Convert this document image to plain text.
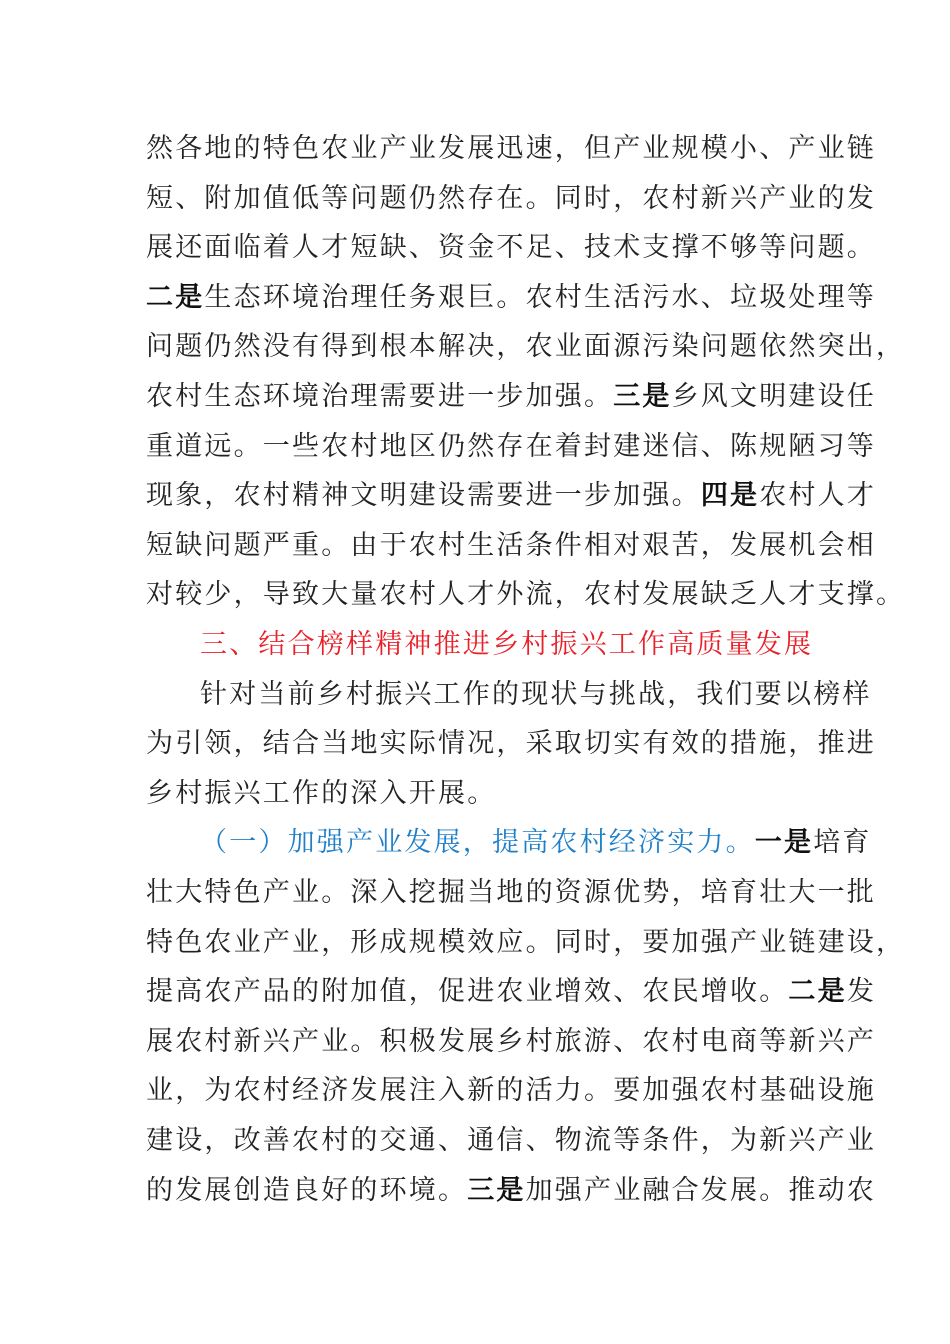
然各地的特色农业产业发展迅速，但产业规模小、产业链
短、附加值低等问题仍然存在。同时，农村新兴产业的发
展还面临着人才短缺、资金不足、技术支撑不够等问题。
二是生态环境治理任务艰巨。农村生活污水、垃圾处理等
问题仍然没有得到根本解决，农业面源污染问题依然突出，
农村生态环境治理需要进一步加强。三是乡风文明建设任
重道远。一些农村地区仍然存在着封建迷信、陈规陋习等
现象，农村精神文明建设需要进一步加强。四是农村人才
短缺问题严重。由于农村生活条件相对艰苦，发展机会相
对较少，导致大量农村人才外流，农村发展缺乏人才支撑。
三、结合榜样精神推进乡村振兴工作高质量发展
针对当前乡村振兴工作的现状与挑战，我们要以榜样
为引领，结合当地实际情况，采取切实有效的措施，推进
乡村振兴工作的深入开展。
（一）加强产业发展，提高农村经济实力。一是培育
壮大特色产业。深入挖掘当地的资源优势，培育壮大一批
特色农业产业，形成规模效应。同时，要加强产业链建设，
提高农产品的附加值，促进农业增效、农民增收。二是发
展农村新兴产业。积极发展乡村旅游、农村电商等新兴产
业，为农村经济发展注入新的活力。要加强农村基础设施
建设，改善农村的交通、通信、物流等条件，为新兴产业
的发展创造良好的环境。三是加强产业融合发展。推动农
